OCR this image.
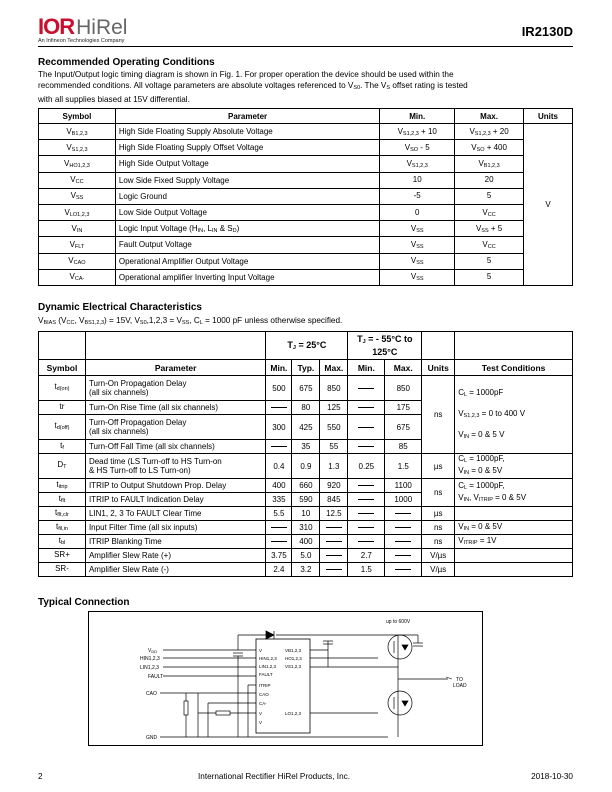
IORHiRel
An Infineon Technologies Company
IR2130D
Recommended Operating Conditions
The Input/Output logic timing diagram is shown in Fig. 1. For proper operation the device should be used within the
recommended conditions. All voltage parameters are absolute voltages referenced to $V_{S0}$. The $V_S$ offset rating is tested
with all supplies biased at 15V differential.
Symbol	Parameter	Min.	Max.	Units
$V_{B1,2,3}$	High Side Floating Supply Absolute Voltage	$V_{S1,2,3} + 10$	$V_{S1,2,3} + 20$	V
$V_{S1,2,3}$	High Side Floating Supply Offset Voltage	$V_{SO} - 5$	$V_{SO} + 400$	
$V_{HO1,2,3}$	High Side Output Voltage	$V_{S1,2,3}$	$V_{B1,2,3}$
$V_{CC}$	Low Side Fixed Supply Voltage	10	20	
$V_{SS}$	Logic Ground	-5	5	
$V_{LO1,2,3}$	Low Side Output Voltage	0	$V_{CC}$
$V_{IN}$	Logic Input Voltage ($H_{IN}$, $L_{IN}$ & $S_D$)	$V_{SS}$	$V_{SS} + 5$	
$V_{FLT}$	Fault Output Voltage	$V_{SS}$	$V_{CC}$
$V_{CAO}$	Operational Amplifier Output Voltage	$V_{SS}$	5	
$V_{CA-}$	Operational amplifier Inverting Input Voltage	$V_{SS}$	5	
Dynamic Electrical Characteristics
$V_{BIAS}$ ($V_{CC}$, $V_{BS1,2,3}) = 15V$, $V_{S0},1,2,3 = V_{SS}$, $C_L = 1000$ pF unless otherwise specified.
		$T_J = 25^\circ C$			$T_J$ = - 55°C to
125°C			
Symbol	Parameter	Min.	Typ.	Max.	Min.	Max.	Units	Test Conditions
$t_{d(on)}$	Turn-On Propagation Delay
(all six channels)	500	675	850		850	ns	$C_L = 1000pF$

$V_{S1,2,3} = 0$ to 400 V

$V_{IN} = 0$ & 5 V
tr	Turn-On Rise Time (all six channels)		80	125		175		
$t_{d(off)}$	Turn-Off Propagation Delay
(all six channels)	300	425	550		675		
$t_f$	Turn-Off Fall Time (all six channels)		35	55		85		
$D_T$	Dead time (LS Turn-off to HS Turn-on
& HS Turn-off to LS Turn-on)	0.4	0.9	1.3	0.25	1.5	µs	$C_L = 1000pF$,
$V_{IN} = 0$ & 5V
$t_{itrip}$	ITRIP to Output Shutdown Prop. Delay	400	660	920		1100	ns	$C_L = 1000pF$,
$V_{IN}$, $V_{ITRIP} = 0$ & 5V
$t_{flt}$	ITRIP to FAULT Indication Delay	335	590	845		1000		
$t_{flt,clr}$	LIN1, 2, 3 To FAULT Clear Time	5.5	10	12.5			µs	
$t_{fil,in}$	Input Filter Time (all six inputs)		310				ns	$V_{IN} = 0$ & 5V
$t_{bl}$	ITRIP Blanking Time		400				ns	$V_{ITRIP} = 1V$
SR+	Amplifier Slew Rate (+)	3.75	5.0		2.7		V/µs	
SR-	Amplifier Slew Rate (-)	2.4	3.2		1.5		V/µs	
Typical Connection
$V_{DD}$
HIN1,2,3
LIN1,2,3
FAULT
CAO
GND
V
HIN1,2,3
LIN1,2,3
FAULT
ITRIP
CAO
CA-
V
V
VB1,2,3
HO1,2,3
VS1,2,3
LO1,2,3
up to 600V
TO
LOAD
2	International Rectifier HiRel Products, Inc.	2018-10-30
